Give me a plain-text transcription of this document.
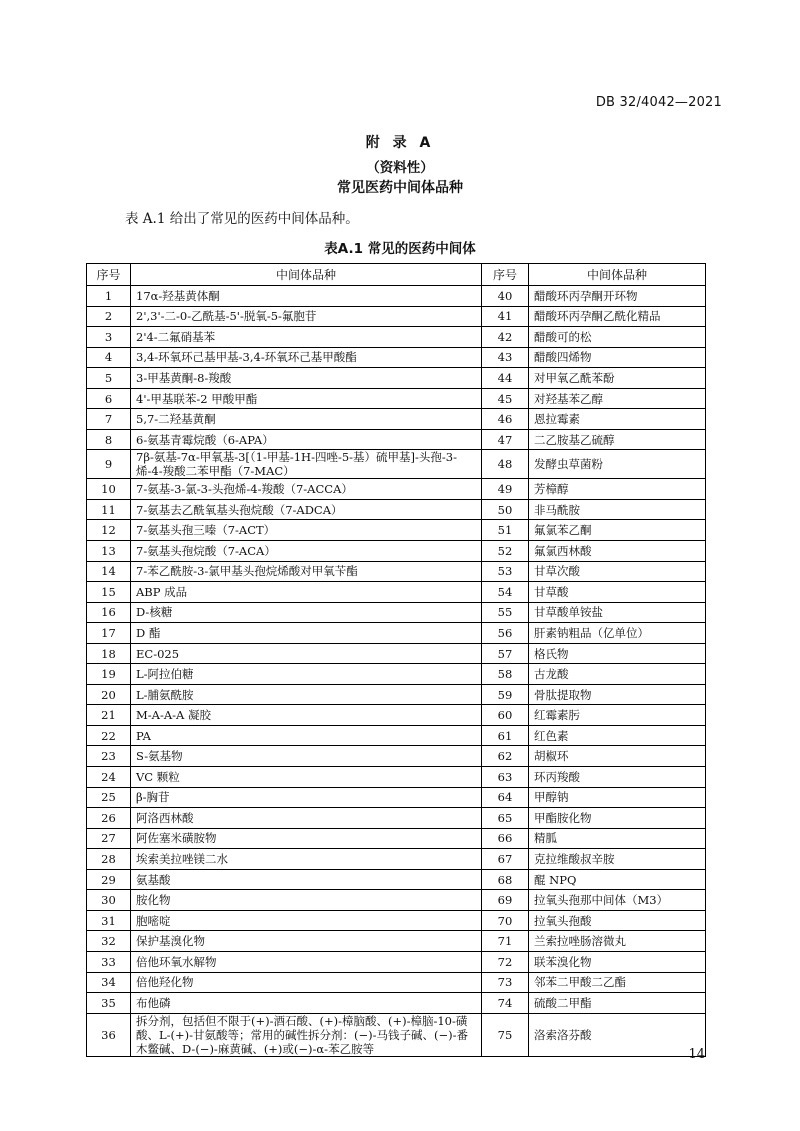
DB 32/4042—2021
附 录 A
（资料性）
常见医药中间体品种
表 A.1 给出了常见的医药中间体品种。
表A.1 常见的医药中间体
序号	中间体品种	序号	中间体品种
1	17α-羟基黄体酮	40	醋酸环丙孕酮开环物
2	2',3'-二-0-乙酰基-5'-脱氧-5-氟胞苷	41	醋酸环丙孕酮乙酰化精品
3	2'4-二氟硝基苯	42	醋酸可的松
4	3,4-环氧环己基甲基-3,4-环氧环己基甲酸酯	43	醋酸四烯物
5	3-甲基黄酮-8-羧酸	44	对甲氧乙酰苯酚
6	4'-甲基联苯-2 甲酸甲酯	45	对羟基苯乙醇
7	5,7-二羟基黄酮	46	恩拉霉素
8	6-氨基青霉烷酸（6-APA）	47	二乙胺基乙硫醇
9	7β-氨基-7α-甲氧基-3[（1-甲基-1H-四唑-5-基）硫甲基]-头孢-3-烯-4-羧酸二苯甲酯（7-MAC）	48	发酵虫草菌粉
10	7-氨基-3-氯-3-头孢烯-4-羧酸（7-ACCA）	49	芳樟醇
11	7-氨基去乙酰氧基头孢烷酸（7-ADCA）	50	非马酰胺
12	7-氨基头孢三嗪（7-ACT）	51	氟氯苯乙酮
13	7-氨基头孢烷酸（7-ACA）	52	氟氯西林酸
14	7-苯乙酰胺-3-氯甲基头孢烷烯酸对甲氧苄酯	53	甘草次酸
15	ABP 成品	54	甘草酸
16	D-核糖	55	甘草酸单铵盐
17	D 酯	56	肝素钠粗品（亿单位）
18	EC-025	57	格氏物
19	L-阿拉伯糖	58	古龙酸
20	L-脯氨酰胺	59	骨肽提取物
21	M-A-A-A 凝胶	60	红霉素肟
22	PA	61	红色素
23	S-氨基物	62	胡椒环
24	VC 颗粒	63	环丙羧酸
25	β-胸苷	64	甲醇钠
26	阿洛西林酸	65	甲酯胺化物
27	阿佐塞米磺胺物	66	精胍
28	埃索美拉唑镁二水	67	克拉维酸叔辛胺
29	氨基酸	68	醌 NPQ
30	胺化物	69	拉氧头孢那中间体（M3）
31	胞嘧啶	70	拉氧头孢酸
32	保护基溴化物	71	兰索拉唑肠溶微丸
33	倍他环氧水解物	72	联苯溴化物
34	倍他羟化物	73	邻苯二甲酸二乙酯
35	布他磷	74	硫酸二甲酯
36	拆分剂，包括但不限于(+)-酒石酸、(+)-樟脑酸、(+)-樟脑-10-磺酸、L-(+)-甘氨酸等；常用的碱性拆分剂：(−)-马钱子碱、(−)-番木鳖碱、D-(−)-麻黄碱、(+)或(−)-α-苯乙胺等	75	洛索洛芬酸
14
